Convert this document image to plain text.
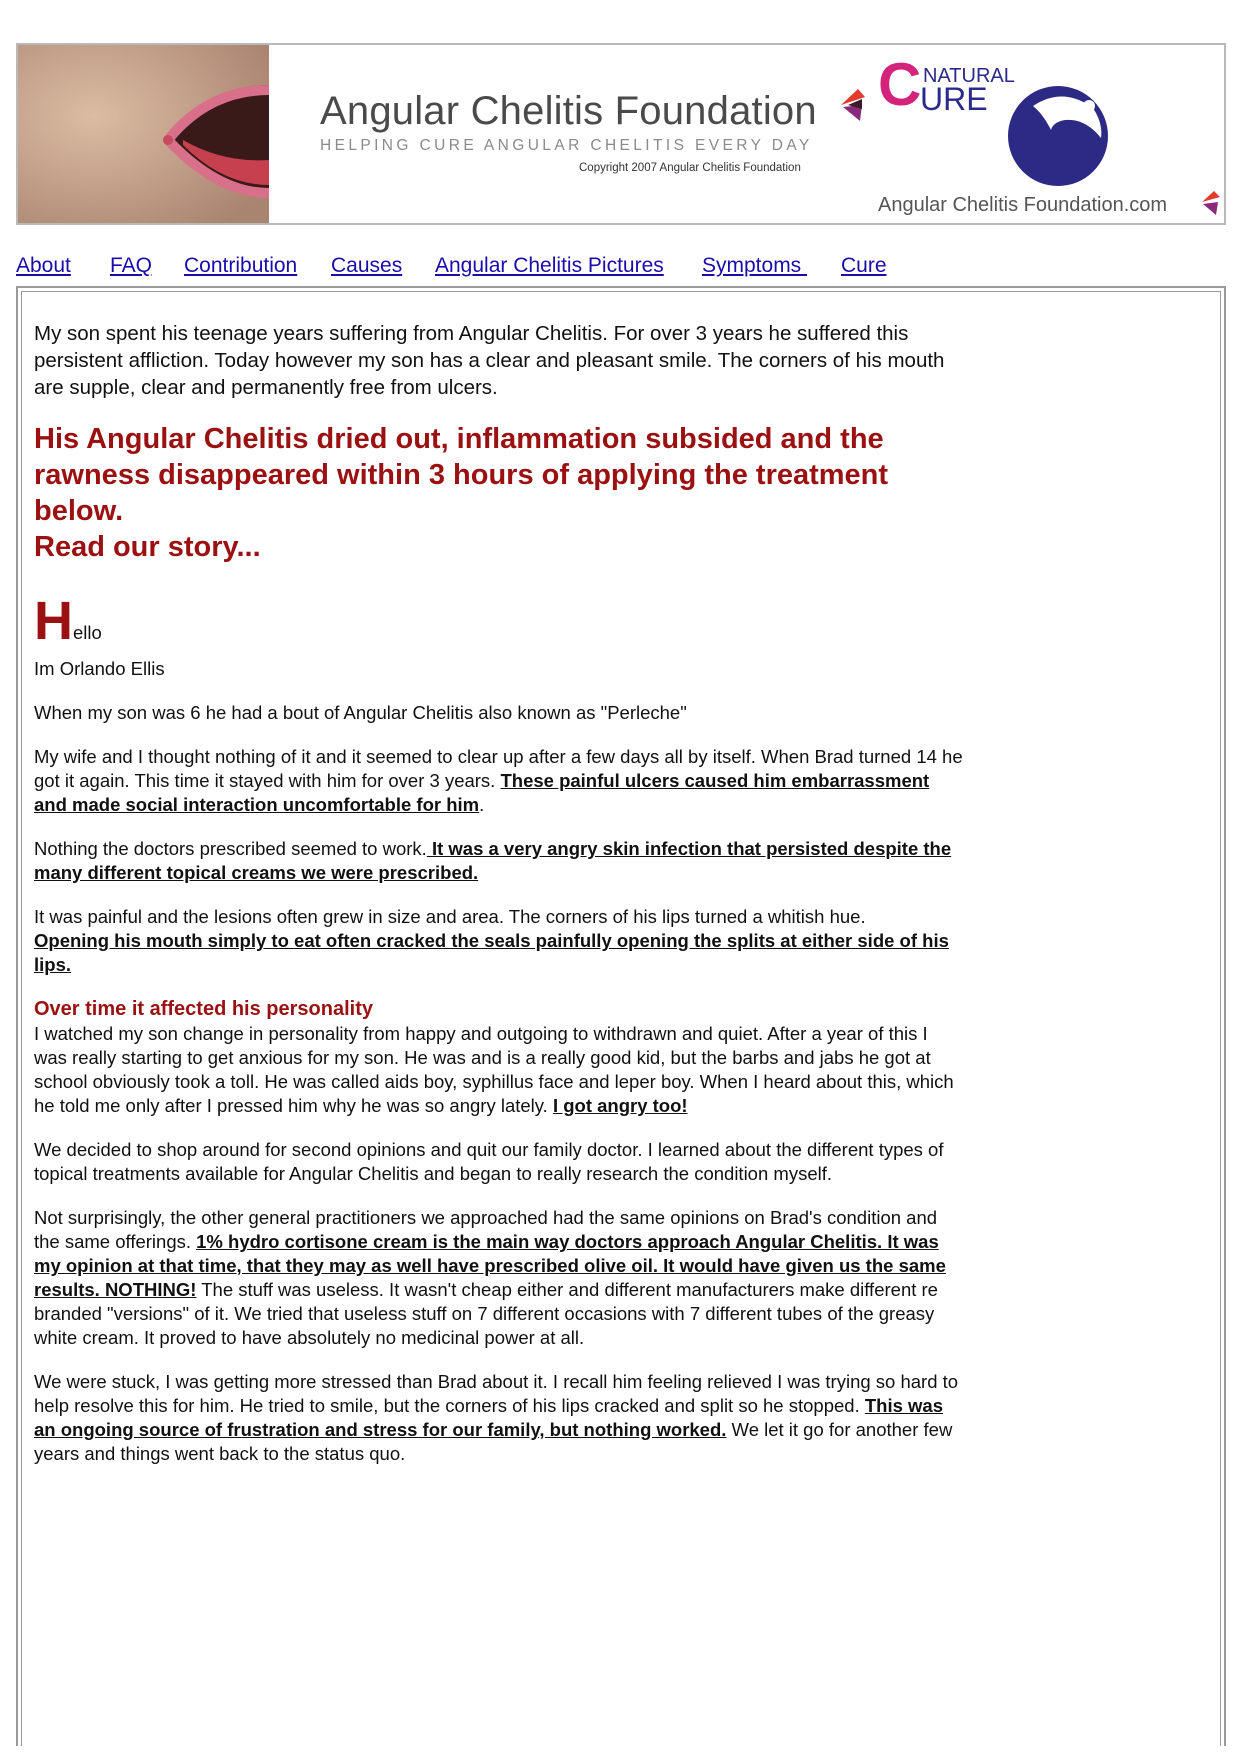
Angular Chelitis Foundation
HELPING CURE ANGULAR CHELITIS EVERY DAY
Copyright 2007 Angular Chelitis Foundation
C NATURAL
URE
Angular Chelitis Foundation.com
About FAQ Contribution Causes Angular Chelitis Pictures Symptoms Cure

My son spent his teenage years suffering from Angular Chelitis. For over 3 years he suffered this persistent affliction. Today however my son has a clear and pleasant smile. The corners of his mouth are supple, clear and permanently free from ulcers.

His Angular Chelitis dried out, inflammation subsided and the rawness disappeared within 3 hours of applying the treatment below.
Read our story...
Hello

Im Orlando Ellis

When my son was 6 he had a bout of Angular Chelitis also known as "Perleche"

My wife and I thought nothing of it and it seemed to clear up after a few days all by itself. When Brad turned 14 he got it again. This time it stayed with him for over 3 years. These painful ulcers caused him embarrassment and made social interaction uncomfortable for him.

Nothing the doctors prescribed seemed to work. It was a very angry skin infection that persisted despite the many different topical creams we were prescribed.

It was painful and the lesions often grew in size and area. The corners of his lips turned a whitish hue.
Opening his mouth simply to eat often cracked the seals painfully opening the splits at either side of his lips.

Over time it affected his personality
I watched my son change in personality from happy and outgoing to withdrawn and quiet. After a year of this I was really starting to get anxious for my son. He was and is a really good kid, but the barbs and jabs he got at school obviously took a toll. He was called aids boy, syphillus face and leper boy. When I heard about this, which he told me only after I pressed him why he was so angry lately. I got angry too!

We decided to shop around for second opinions and quit our family doctor. I learned about the different types of topical treatments available for Angular Chelitis and began to really research the condition myself.

Not surprisingly, the other general practitioners we approached had the same opinions on Brad's condition and the same offerings. 1% hydro cortisone cream is the main way doctors approach Angular Chelitis. It was my opinion at that time, that they may as well have prescribed olive oil. It would have given us the same results. NOTHING! The stuff was useless. It wasn't cheap either and different manufacturers make different re branded "versions" of it. We tried that useless stuff on 7 different occasions with 7 different tubes of the greasy white cream. It proved to have absolutely no medicinal power at all.

We were stuck, I was getting more stressed than Brad about it. I recall him feeling relieved I was trying so hard to help resolve this for him. He tried to smile, but the corners of his lips cracked and split so he stopped. This was an ongoing source of frustration and stress for our family, but nothing worked. We let it go for another few years and things went back to the status quo.
